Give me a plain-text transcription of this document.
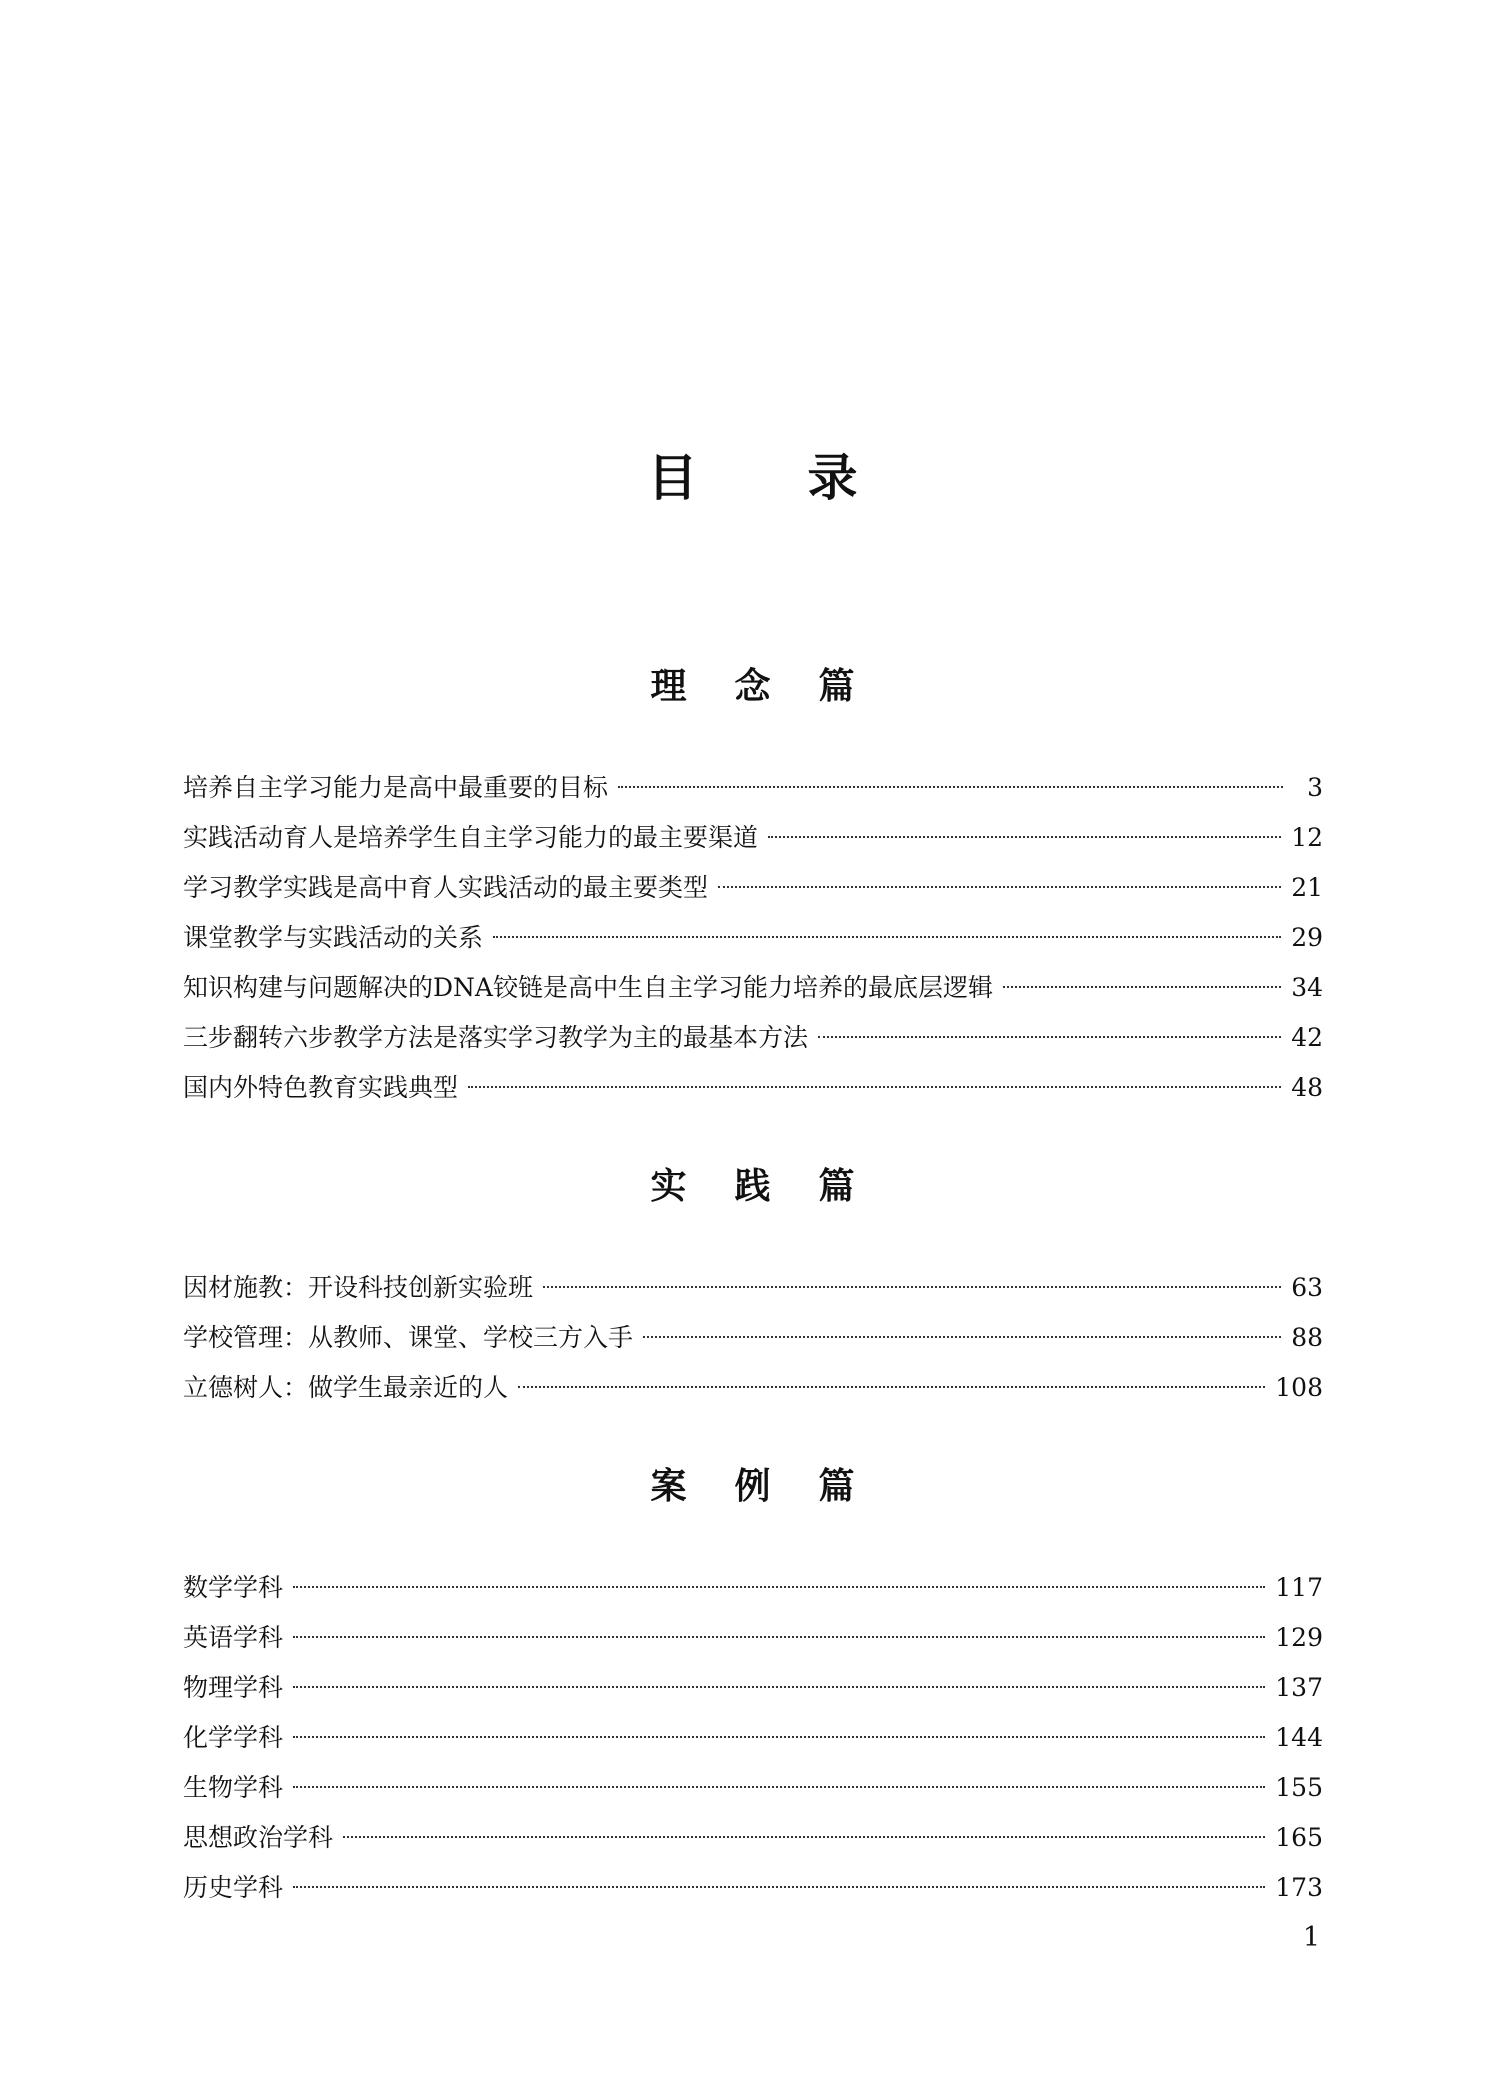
目 录
理 念 篇
培养自主学习能力是高中最重要的目标	3
实践活动育人是培养学生自主学习能力的最主要渠道	12
学习教学实践是高中育人实践活动的最主要类型	21
课堂教学与实践活动的关系	29
知识构建与问题解决的DNA铰链是高中生自主学习能力培养的最底层逻辑	34
三步翻转六步教学方法是落实学习教学为主的最基本方法	42
国内外特色教育实践典型	48
实 践 篇
因材施教：开设科技创新实验班	63
学校管理：从教师、课堂、学校三方入手	88
立德树人：做学生最亲近的人	108
案 例 篇
数学学科	117
英语学科	129
物理学科	137
化学学科	144
生物学科	155
思想政治学科	165
历史学科	173
1
